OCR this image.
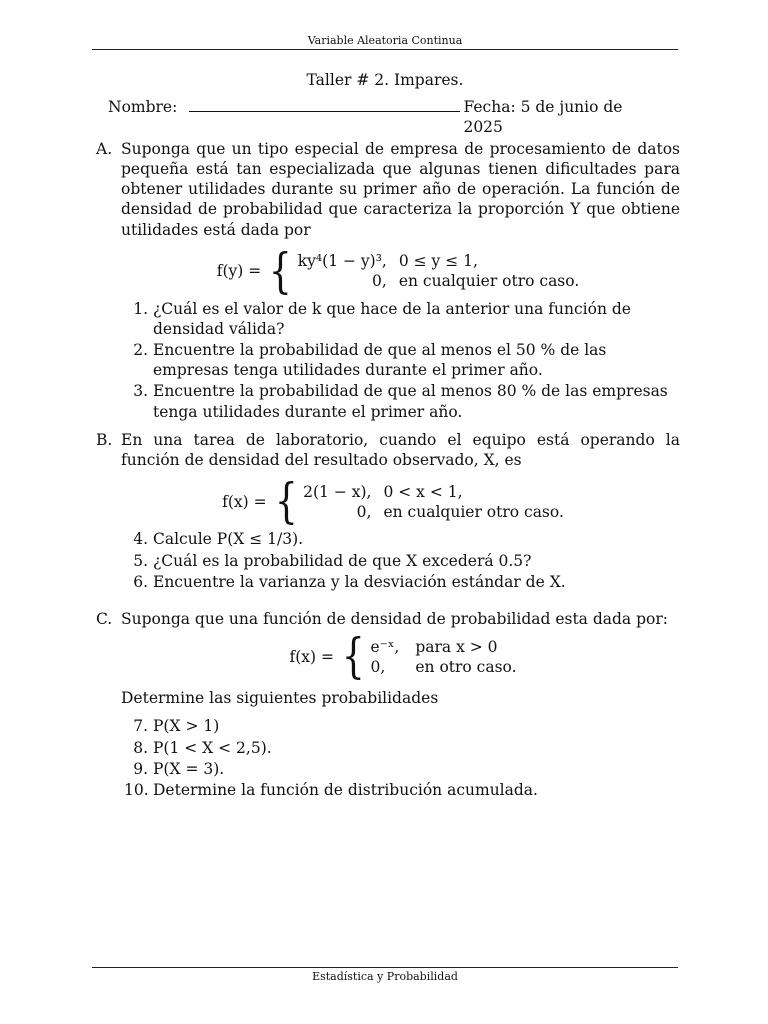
Variable Aleatoria Continua
Taller # 2. Impares.
Nombre:	Fecha: 5 de junio de 2025
A. Suponga que un tipo especial de empresa de procesamiento de datos pequeña está tan especializada que algunas tienen dificultades para obtener utilidades durante su primer año de operación. La función de densidad de probabilidad que caracteriza la proporción Y que obtiene utilidades está dada por
f(y) = { ky⁴(1 − y)³, 0 ≤ y ≤ 1,
0, en cualquier otro caso.
1. ¿Cuál es el valor de k que hace de la anterior una función de densidad válida?
2. Encuentre la probabilidad de que al menos el 50 % de las empresas tenga utilidades durante el primer año.
3. Encuentre la probabilidad de que al menos 80 % de las empresas tenga utilidades durante el primer año.
B. En una tarea de laboratorio, cuando el equipo está operando la función de densidad del resultado observado, X, es
f(x) = { 2(1 − x), 0 < x < 1,
0, en cualquier otro caso.
4. Calcule P(X ≤ 1/3).
5. ¿Cuál es la probabilidad de que X excederá 0.5?
6. Encuentre la varianza y la desviación estándar de X.
C. Suponga que una función de densidad de probabilidad esta dada por:
f(x) = { e⁻ˣ, para x > 0
0,	en otro caso.
Determine las siguientes probabilidades
7. P(X > 1)
8. P(1 < X < 2,5).
9. P(X = 3).
10. Determine la función de distribución acumulada.
Estadística y Probabilidad
